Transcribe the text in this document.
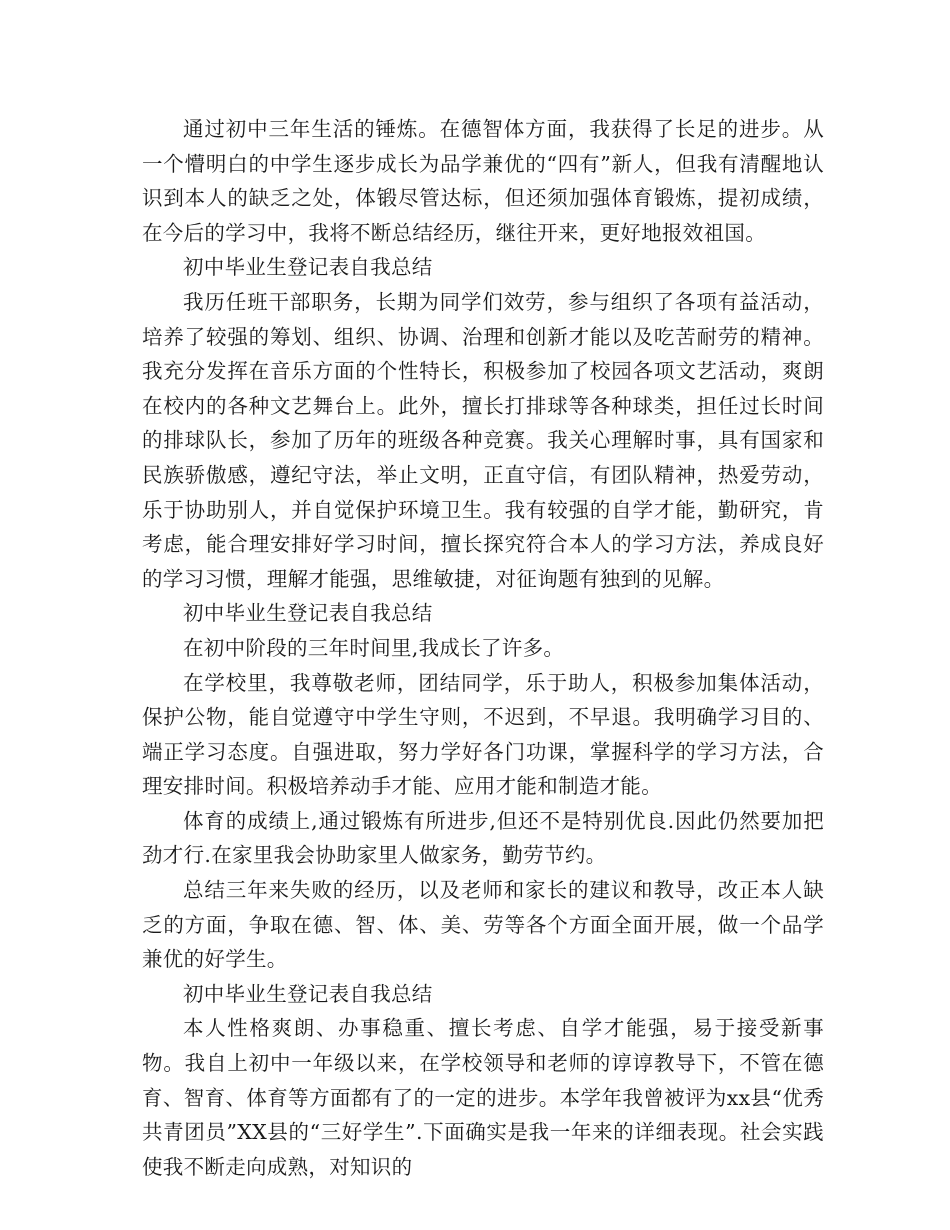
通过初中三年生活的锤炼。在德智体方面，我获得了长足的进步。从一个懵明白的中学生逐步成长为品学兼优的“四有”新人，但我有清醒地认识到本人的缺乏之处，体锻尽管达标，但还须加强体育锻炼，提初成绩，在今后的学习中，我将不断总结经历，继往开来，更好地报效祖国。

初中毕业生登记表自我总结

我历任班干部职务，长期为同学们效劳，参与组织了各项有益活动，培养了较强的筹划、组织、协调、治理和创新才能以及吃苦耐劳的精神。我充分发挥在音乐方面的个性特长，积极参加了校园各项文艺活动，爽朗在校内的各种文艺舞台上。此外，擅长打排球等各种球类，担任过长时间的排球队长，参加了历年的班级各种竞赛。我关心理解时事，具有国家和民族骄傲感，遵纪守法，举止文明，正直守信，有团队精神，热爱劳动，乐于协助别人，并自觉保护环境卫生。我有较强的自学才能，勤研究，肯考虑，能合理安排好学习时间，擅长探究符合本人的学习方法，养成良好的学习习惯，理解才能强，思维敏捷，对征询题有独到的见解。

初中毕业生登记表自我总结

在初中阶段的三年时间里,我成长了许多。

在学校里，我尊敬老师，团结同学，乐于助人，积极参加集体活动，保护公物，能自觉遵守中学生守则，不迟到，不早退。我明确学习目的、端正学习态度。自强进取，努力学好各门功课，掌握科学的学习方法，合理安排时间。积极培养动手才能、应用才能和制造才能。

体育的成绩上,通过锻炼有所进步,但还不是特别优良.因此仍然要加把劲才行.在家里我会协助家里人做家务，勤劳节约。

总结三年来失败的经历，以及老师和家长的建议和教导，改正本人缺乏的方面，争取在德、智、体、美、劳等各个方面全面开展，做一个品学兼优的好学生。

初中毕业生登记表自我总结

本人性格爽朗、办事稳重、擅长考虑、自学才能强，易于接受新事物。我自上初中一年级以来，在学校领导和老师的谆谆教导下，不管在德育、智育、体育等方面都有了的一定的进步。本学年我曾被评为xx县“优秀共青团员”XX县的“三好学生”.下面确实是我一年来的详细表现。社会实践使我不断走向成熟，对知识的
